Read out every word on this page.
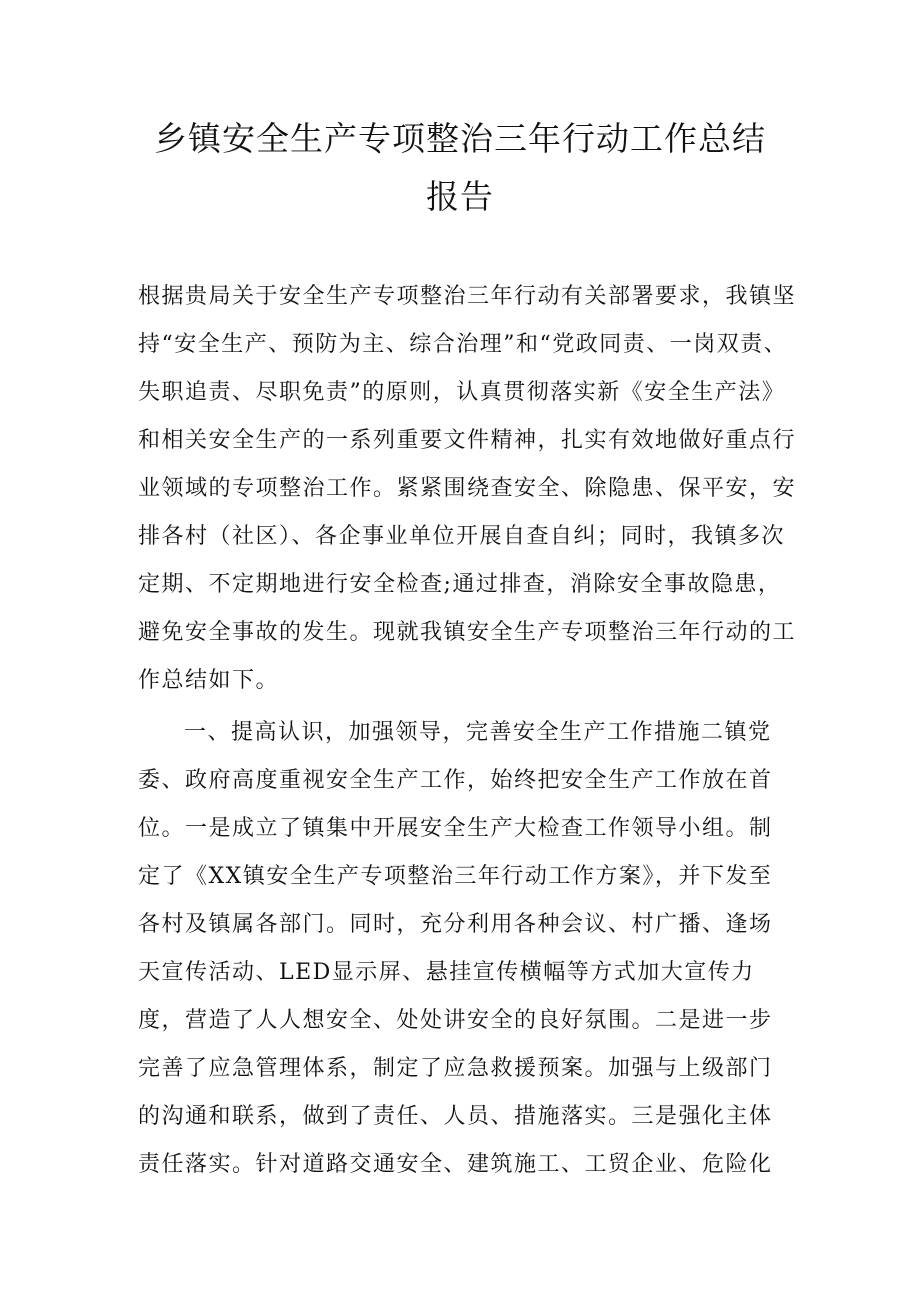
乡镇安全生产专项整治三年行动工作总结
报告
根据贵局关于安全生产专项整治三年行动有关部署要求，我镇坚
持“安全生产、预防为主、综合治理”和“党政同责、一岗双责、
失职追责、尽职免责”的原则，认真贯彻落实新《安全生产法》
和相关安全生产的一系列重要文件精神，扎实有效地做好重点行
业领域的专项整治工作。紧紧围绕查安全、除隐患、保平安，安
排各村（社区）、各企事业单位开展自查自纠；同时，我镇多次
定期、不定期地进行安全检查;通过排查，消除安全事故隐患，
避免安全事故的发生。现就我镇安全生产专项整治三年行动的工
作总结如下。
一、提高认识，加强领导，完善安全生产工作措施二镇党
委、政府高度重视安全生产工作，始终把安全生产工作放在首
位。一是成立了镇集中开展安全生产大检查工作领导小组。制
定了《XX镇安全生产专项整治三年行动工作方案》，并下发至
各村及镇属各部门。同时，充分利用各种会议、村广播、逢场
天宣传活动、LED显示屏、悬挂宣传横幅等方式加大宣传力
度，营造了人人想安全、处处讲安全的良好氛围。二是进一步
完善了应急管理体系，制定了应急救援预案。加强与上级部门
的沟通和联系，做到了责任、人员、措施落实。三是强化主体
责任落实。针对道路交通安全、建筑施工、工贸企业、危险化
